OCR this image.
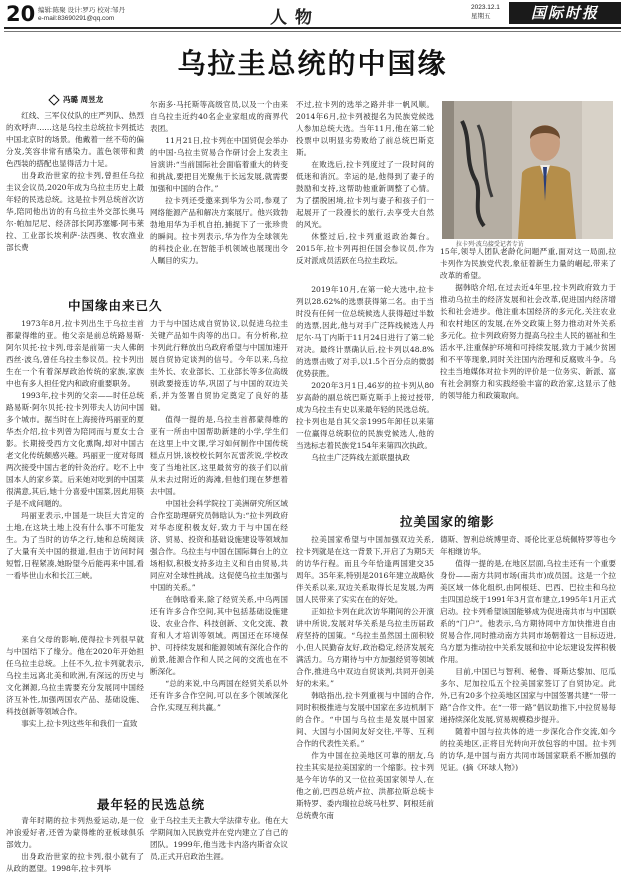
20 编辑:陈聚 设计:罗巧 校对:邹丹
e-mail:83690291@qq.com	人物
2023.12.1
星期五	国际时报
乌拉圭总统的中国缘
冯璐 周昱龙
拉卡列·波乌接受记者专访

红线、三军仪仗队的庄严列队、热烈的欢呼声……这是乌拉圭总统拉卡列抵达中国北京时的场景。他戴着一丝不苟的偏分发,笑容非常有感染力。蓝色领带和黄色西装的搭配也显得活力十足。

出身政治世家的拉卡列,曾担任乌拉圭议会议员,2020年成为乌拉圭历史上最年轻的民选总统。这是拉卡列总统首次访华,陪同他出访的有乌拉圭外交部长奥马尔·帕加尼尼、经济部长阿苏塞娜·阿韦莱拉、工业部长埃利萨·法西奥、牧农渔业部长费

尔南多·马托斯等高级官员,以及一个由来自乌拉圭近约40名企业家组成的商界代表团。

11月21日,拉卡列在中国贸促会举办的中国-乌拉圭贸易合作研讨会上发表主旨演讲:“当前国际社会面临着重大的转变和挑战,要把目光聚焦于长远发展,就需要加强和中国的合作。”

拉卡列还受邀来到华为公司,参观了网络能源产品和解决方案展厅。他兴致勃勃地用华为手机自拍,捕捉下了一张珍贵的瞬间。拉卡列表示,华为作为全球领先的科技企业,在智能手机领域也展现出令人瞩目的实力。

不过,拉卡列的选举之路并非一帆风顺。2014年6月,拉卡列被提名为民族党候选人参加总统大选。当年11月,他在第二轮投票中以明显劣势败给了前总统巴斯克斯。

在败选后,拉卡列度过了一段时间的低迷和消沉。幸运的是,他得到了妻子的鼓励和支持,这帮助他重新调整了心情。为了摆脱困境,拉卡列与妻子和孩子们一起展开了一段漫长的旅行,去享受大自然的风光。

休整过后,拉卡列重返政治舞台。2015年,拉卡列再担任国会参议员,作为反对派成员活跃在乌拉圭政坛。

中国缘由来已久

1973年8月,拉卡列出生于乌拉圭首都蒙得维的亚。他父亲是前总统路易斯·阿尔贝托·拉卡列,母亲是前第一夫人佛朗西丝·波乌,曾任乌拉圭参议员。拉卡列出生在一个有着深厚政治传统的家族,家族中也有多人担任党内和政府重要职务。

1993年,拉卡列的父亲——时任总统路易斯·阿尔贝托·拉卡列带夫人访问中国多个城市。据当时在上海接待玛丽亚的夏华杰介绍,拉卡列曾为陪同而与夏女士合影。长期接受西方文化熏陶,却对中国古老文化传统颇感兴趣。玛丽亚一度对每周两次接受中国古老的针灸治疗。吃不上中国本人的家乡菜。后来她对吃到的中国菜很满意,其后,她十分喜爱中国菜,因此用筷子是不成问题的。

玛丽亚表示,中国是一块巨大肯定的土地,在这块土地上没有什么事不可能发生。为了当时的访华之行,她和总统阅读了大量有关中国的报道,但由于访问时间短暂,日程紧凑,她盼望今后能再来中国,看一看毕世山水和长江三峡。

来自父母的影响,使得拉卡列很早就与中国结下了缘分。他在2020年开始担任乌拉圭总统。上任不久,拉卡列就表示,乌拉圭远离北美和欧洲,有深远的历史与文化渊源,乌拉圭需要充分发展同中国经济互补性,加强两国农产品、基础设施、科技创新等领域合作。

事实上,拉卡列这些年和我们一直致

力于与中国达成自贸协议,以促进乌拉圭关键产品如牛肉等的出口。有分析称,拉卡列此行释放出乌政府希望与中国加速开展自贸协定谈判的信号。今年以来,乌拉圭外长、农业部长、工业部长等多位高级别政要接连访华,巩固了与中国的双边关系,并为签署自贸协定奠定了良好的基础。

值得一提的是,乌拉圭首都蒙得维的亚有一所由中国帮助新建的小学,学生们在这里上中文课,学习如何制作中国传统糕点月饼,该校校长阿尔瓦雷茨说,学校改变了当地社区,这里最贫穷的孩子们以前从未去过附近的海滩,但他们现在梦想着去中国。

中国社会科学院拉丁美洲研究所区域合作室助理研究员韩晗认为:“拉卡列政府对华态度积极友好,致力于与中国在经济、贸易、投资和基础设施建设等领域加强合作。乌拉圭与中国在国际舞台上的立场相似,积极支持多边主义和自由贸易,共同应对全球性挑战。这促使乌拉圭加强与中国的关系。”

在韩晗看来,除了经贸关系,中乌两国还有许多合作空间,其中包括基础设施建设、农业合作、科技创新、文化交流、教育和人才培训等领域。两国还在环境保护、可持续发展和能源领域有深化合作的前景,能源合作和人民之间的交流也在不断深化。

“总的来说,中乌两国在经贸关系以外还有许多合作空间,可以在多个领域深化合作,实现互利共赢。”

最年轻的民选总统

青年时期的拉卡列热爱运动,是一位冲浪爱好者,还曾为蒙得维的亚板球俱乐部效力。

出身政治世家的拉卡列,很小就有了从政的愿望。1998年,拉卡列毕

业于乌拉圭天主教大学法律专业。他在大学期间加入民族党并在党内建立了自己的团队。1999年,他当选卡内洛内斯省众议员,正式开启政治生涯。

2019年10月,在第一轮大选中,拉卡列以28.62%的选票获得第二名。由于当时没有任何一位总统候选人获得超过半数的选票,因此,他与对手广泛阵线候选人丹尼尔·马丁内斯于11月24日进行了第二轮对决。最终计票确认后,拉卡列以48.8%的选票击败了对手,以1.5个百分点的微弱优势获胜。

2020年3月1日,46岁的拉卡列从80岁高龄的副总统巴斯克斯手上接过授带,成为乌拉圭有史以来最年轻的民选总统。拉卡列也是自其父亲1995年卸任以来第一位赢得总统职位的民族党候选人,他的当选标志着民族党154年来第四次执政。

乌拉圭广泛阵线左派联盟执政

15年,领导人团队老龄化问题严重,面对这一局面,拉卡列作为民族党代表,象征着新生力量的崛起,带来了改革的希望。

据韩晗介绍,在过去近4年里,拉卡列政府致力于推动乌拉圭的经济发展和社会改革,促进国内经济增长和社会进步。他注重本国经济的多元化,关注农业和农村地区的发展,在外交政策上努力推动对外关系多元化。拉卡列政府努力提高乌拉圭人民的福祉和生活水平,注重保护环境和可持续发展,致力于减少贫困和不平等现象,同时关注国内治理和反腐败斗争。乌拉圭当地媒体对拉卡列的评价是一位务实、新派、富有社会洞察力和实践经验丰富的政治家,这显示了他的领导能力和政策取向。

拉美国家的缩影

拉美国家希望与中国加强双边关系,拉卡列就是在这一背景下,开启了为期5天的访华行程。而且今年恰逢两国建交35周年。35年来,特别是2016年建立战略伙伴关系以来,双边关系取得长足发展,为两国人民带来了实实在在的好处。

正如拉卡列在此次访华期间的公开演讲中所说,发展对华关系是乌拉圭历届政府坚持的国策。“乌拉圭虽然国土面积较小,但人民勤奋友好,政治稳定,经济发展充满活力。乌方期待与中方加强经贸等领域合作,推进乌中双边自贸谈判,共同开创美好的未来。”

韩晗指出,拉卡列重视与中国的合作,同时积极推进与发展中国家在多边机制下的合作。“中国与乌拉圭是发展中国家间、大国与小国间友好交往,平等、互利合作的代表性关系。”

作为中国在拉美地区可靠的朋友,乌拉圭其实是拉美国家的一个缩影。拉卡列是今年访华的又一位拉美国家领导人,在他之前,巴西总统卢拉、洪都拉斯总统卡斯特罗、委内瑞拉总统马杜罗、阿根廷前总统费尔南

德斯、智利总统博里奇、哥伦比亚总统佩特罗等也今年相继访华。

值得一提的是,在地区层面,乌拉圭还有一个重要身份——南方共同市场(南共市)成员国。这是一个拉美区域一体化组织,由阿根廷、巴西、巴拉圭和乌拉圭四国总统于1991年3月宣布建立,1995年1月正式启动。拉卡列希望该国能够成为促进南共市与中国联系的“门户”。他表示,乌方期待同中方加快推进自由贸易合作,同时推动南方共同市场朝着这一目标迈进,乌方愿为推动拉中关系发展和拉中论坛建设发挥积极作用。

目前,中国已与智利、秘鲁、哥斯达黎加、厄瓜多尔、尼加拉瓜五个拉美国家签订了自贸协定。此外,已有20多个拉美地区国家与中国签署共建“一带一路”合作文件。在“一带一路”倡议助推下,中拉贸易每递持续深化发展,贸易规模稳步提升。

随着中国与拉共体的进一步深化合作交流,如今的拉美地区,正将目光转向开放包容的中国。拉卡列的访华,是中国与南方共同市场国家联系不断加强的见证。(摘《环球人物》)
